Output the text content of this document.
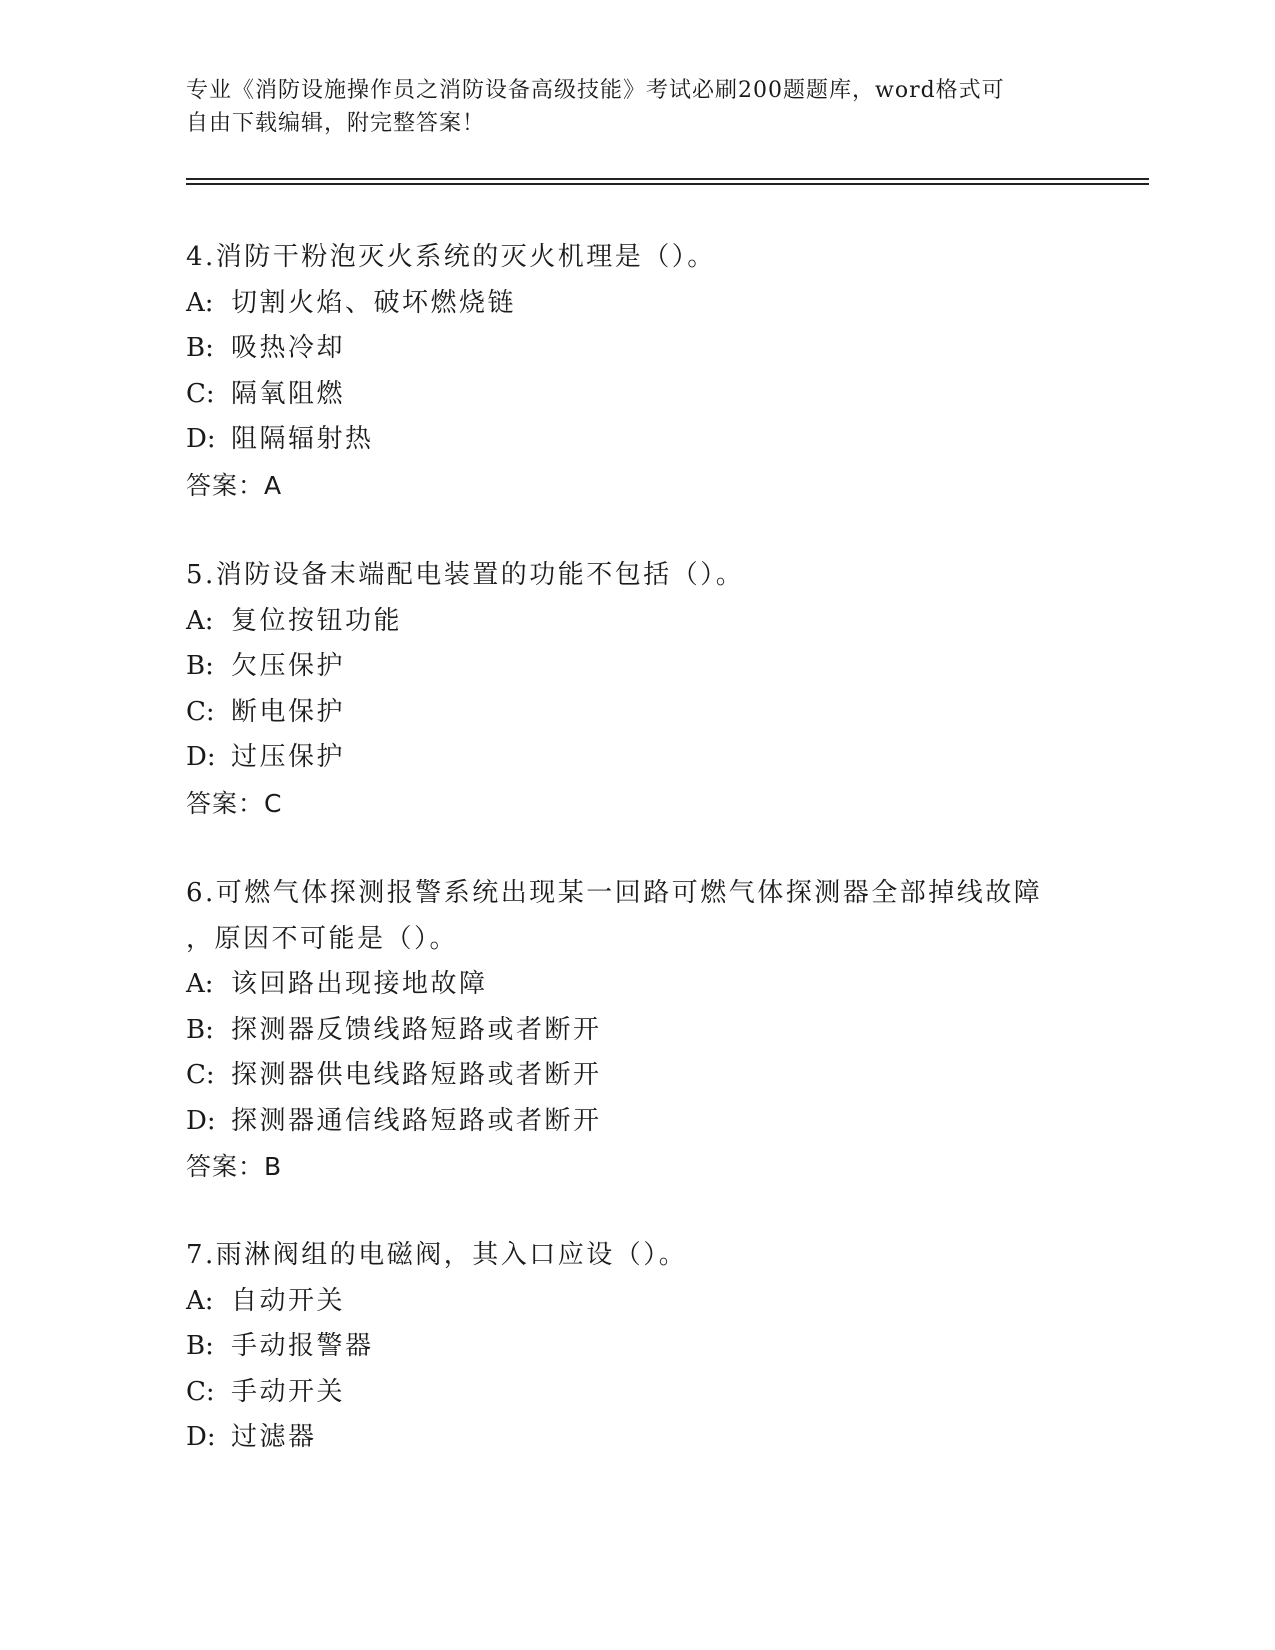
专业《消防设施操作员之消防设备高级技能》考试必刷200题题库，word格式可
自由下载编辑，附完整答案！
4.消防干粉泡灭火系统的灭火机理是（）。
A: 切割火焰、破坏燃烧链
B: 吸热冷却
C: 隔氧阻燃
D: 阻隔辐射热
答案：A
5.消防设备末端配电装置的功能不包括（）。
A: 复位按钮功能
B: 欠压保护
C: 断电保护
D: 过压保护
答案：C
6.可燃气体探测报警系统出现某一回路可燃气体探测器全部掉线故障
，原因不可能是（）。
A: 该回路出现接地故障
B: 探测器反馈线路短路或者断开
C: 探测器供电线路短路或者断开
D: 探测器通信线路短路或者断开
答案：B
7.雨淋阀组的电磁阀，其入口应设（）。
A: 自动开关
B: 手动报警器
C: 手动开关
D: 过滤器
